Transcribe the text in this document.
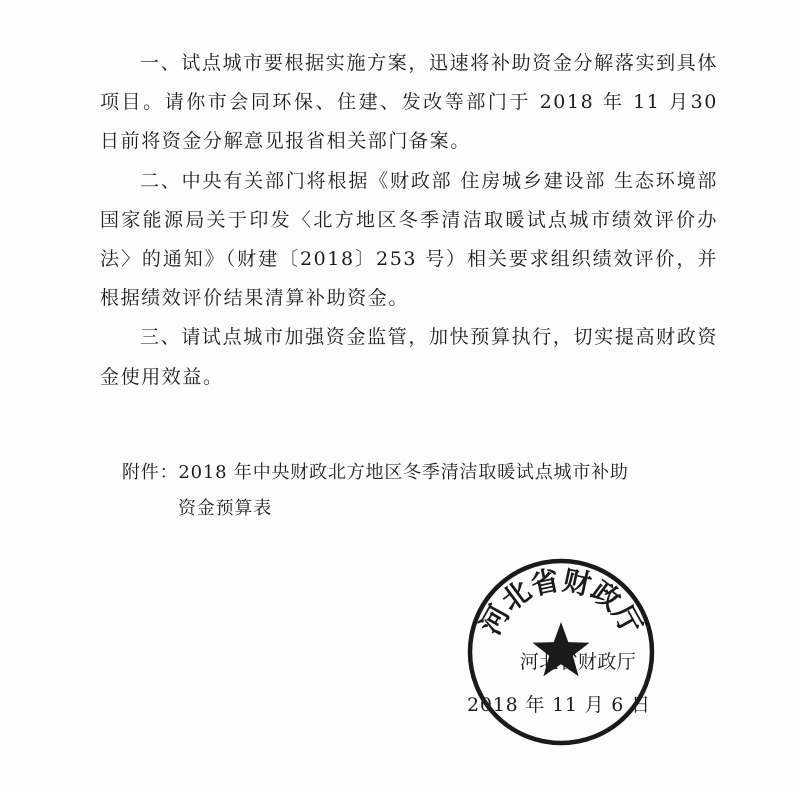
一、试点城市要根据实施方案，迅速将补助资金分解落实到具体项目。请你市会同环保、住建、发改等部门于 2018 年 11 月30 日前将资金分解意见报省相关部门备案。

二、中央有关部门将根据《财政部 住房城乡建设部 生态环境部 国家能源局关于印发〈北方地区冬季清洁取暖试点城市绩效评价办法〉的通知》（财建〔2018〕253 号）相关要求组织绩效评价，并根据绩效评价结果清算补助资金。

三、请试点城市加强资金监管，加快预算执行，切实提高财政资金使用效益。

附件：2018 年中央财政北方地区冬季清洁取暖试点城市补助
资金预算表
河北省财政厅
河北省财政厅
2018 年 11 月 6 日
